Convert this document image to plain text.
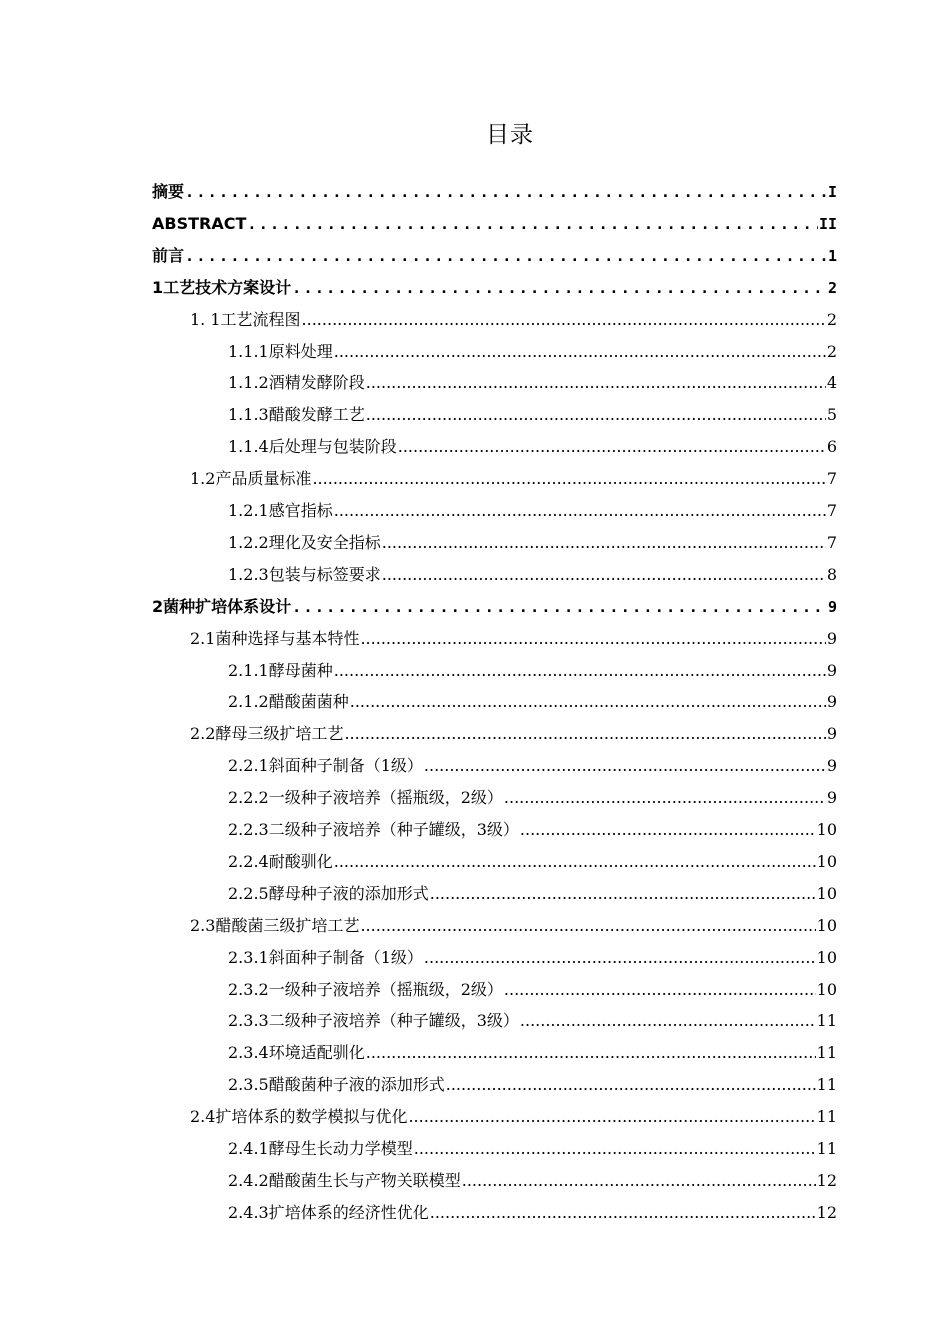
目录
摘要 .....	I
ABSTRACT .....	II
前言 .....	1
1 工艺技术方案设计 .....	2
1. 1 工艺流程图 .....	2
1.1.1 原料处理 .....	2
1.1.2 酒精发酵阶段 .....	4
1.1.3 醋酸发酵工艺 .....	5
1.1.4 后处理与包装阶段 .....	6
1.2 产品质量标准 .....	7
1.2.1 感官指标 .....	7
1.2.2 理化及安全指标 .....	7
1.2.3 包装与标签要求 .....	8
2 菌种扩培体系设计 .....	9
2.1 菌种选择与基本特性 .....	9
2.1.1 酵母菌种 .....	9
2.1.2 醋酸菌菌种 .....	9
2.2 酵母三级扩培工艺 .....	9
2.2.1 斜面种子制备（1级） .....	9
2.2.2 一级种子液培养（摇瓶级，2级） .....	9
2.2.3 二级种子液培养（种子罐级，3级） .....	10
2.2.4 耐酸驯化 .....	10
2.2.5 酵母种子液的添加形式 .....	10
2.3 醋酸菌三级扩培工艺 .....	10
2.3.1 斜面种子制备（1级） .....	10
2.3.2 一级种子液培养（摇瓶级，2级） .....	10
2.3.3 二级种子液培养（种子罐级，3级） .....	11
2.3.4 环境适配驯化 .....	11
2.3.5 醋酸菌种子液的添加形式 .....	11
2.4 扩培体系的数学模拟与优化 .....	11
2.4.1 酵母生长动力学模型 .....	11
2.4.2 醋酸菌生长与产物关联模型 .....	12
2.4.3 扩培体系的经济性优化 .....	12
